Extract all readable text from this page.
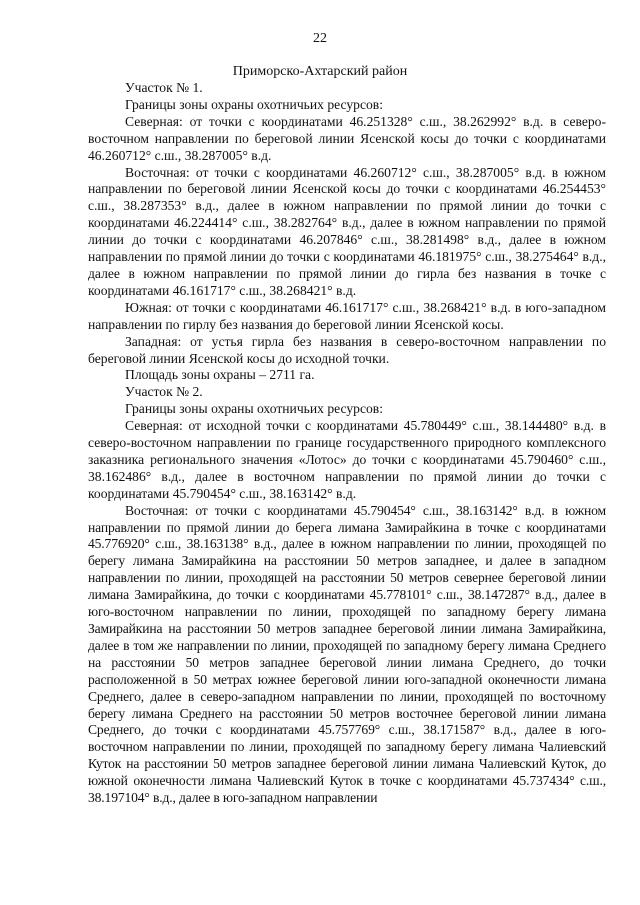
22
Приморско-Ахтарский район

Участок № 1.

Границы зоны охраны охотничьих ресурсов:

Северная: от точки с координатами 46.251328° с.ш., 38.262992° в.д. в северо-восточном направлении по береговой линии Ясенской косы до точки с координатами 46.260712° с.ш., 38.287005° в.д.

Восточная: от точки с координатами 46.260712° с.ш., 38.287005° в.д. в южном направлении по береговой линии Ясенской косы до точки с координатами 46.254453° с.ш., 38.287353° в.д., далее в южном направлении по прямой линии до точки с координатами 46.224414° с.ш., 38.282764° в.д., далее в южном направлении по прямой линии до точки с координатами 46.207846° с.ш., 38.281498° в.д., далее в южном направлении по прямой линии до точки с координатами 46.181975° с.ш., 38.275464° в.д., далее в южном направлении по прямой линии до гирла без названия в точке с координатами 46.161717° с.ш., 38.268421° в.д.

Южная: от точки с координатами 46.161717° с.ш., 38.268421° в.д. в юго-западном направлении по гирлу без названия до береговой линии Ясенской косы.

Западная: от устья гирла без названия в северо-восточном направлении по береговой линии Ясенской косы до исходной точки.

Площадь зоны охраны – 2711 га.

Участок № 2.

Границы зоны охраны охотничьих ресурсов:

Северная: от исходной точки с координатами 45.780449° с.ш., 38.144480° в.д. в северо-восточном направлении по границе государственного природного комплексного заказника регионального значения «Лотос» до точки с координатами 45.790460° с.ш., 38.162486° в.д., далее в восточном направлении по прямой линии до точки с координатами 45.790454° с.ш., 38.163142° в.д.

Восточная: от точки с координатами 45.790454° с.ш., 38.163142° в.д. в южном направлении по прямой линии до берега лимана Замирайкина в точке с координатами 45.776920° с.ш., 38.163138° в.д., далее в южном направлении по линии, проходящей по берегу лимана Замирайкина на расстоянии 50 метров западнее, и далее в западном направлении по линии, проходящей на расстоянии 50 метров севернее береговой линии лимана Замирайкина, до точки с координатами 45.778101° с.ш., 38.147287° в.д., далее в юго-восточном направлении по линии, проходящей по западному берегу лимана Замирайкина на расстоянии 50 метров западнее береговой линии лимана Замирайкина, далее в том же направлении по линии, проходящей по западному берегу лимана Среднего на расстоянии 50 метров западнее береговой линии лимана Среднего, до точки расположенной в 50 метрах южнее береговой линии юго-западной оконечности лимана Среднего, далее в северо-западном направлении по линии, проходящей по восточному берегу лимана Среднего на расстоянии 50 метров восточнее береговой линии лимана Среднего, до точки с координатами 45.757769° с.ш., 38.171587° в.д., далее в юго-восточном направлении по линии, проходящей по западному берегу лимана Чалиевский Куток на расстоянии 50 метров западнее береговой линии лимана Чалиевский Куток, до южной оконечности лимана Чалиевский Куток в точке с координатами 45.737434° с.ш., 38.197104° в.д., далее в юго-западном направлении
